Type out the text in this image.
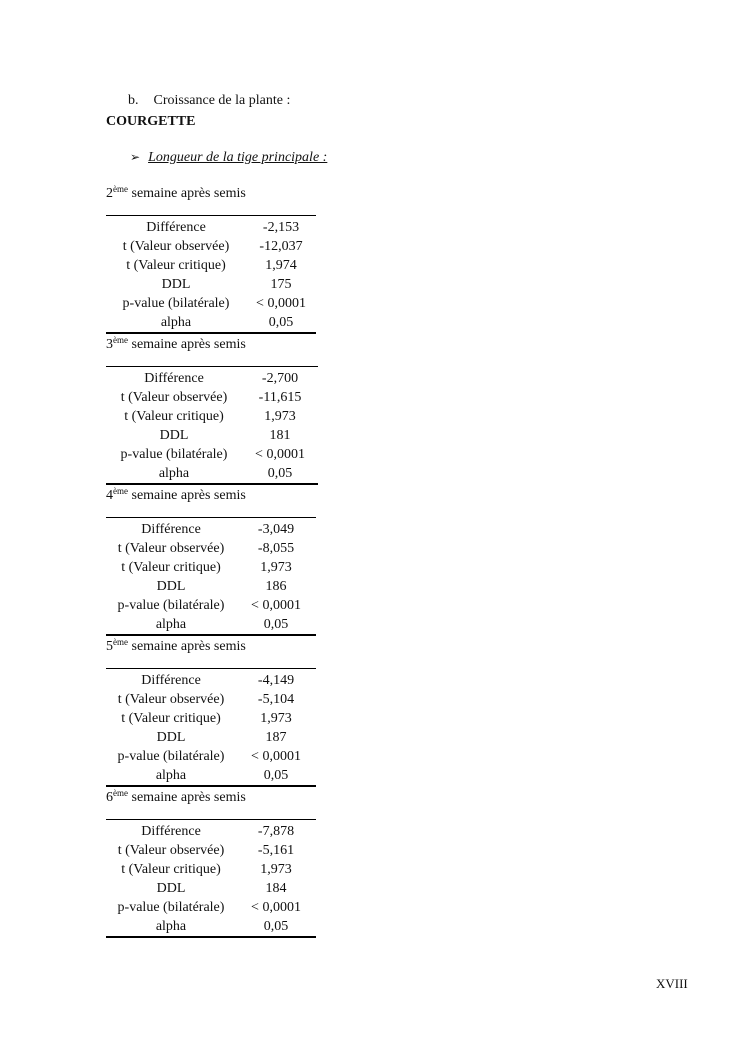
b. Croissance de la plante :
COURGETTE
➢ Longueur de la tige principale :
2ème semaine après semis
Différence	-2,153
t (Valeur observée)	-12,037
t (Valeur critique)	1,974
DDL	175
p-value (bilatérale)	< 0,0001
alpha	0,05
3ème semaine après semis
Différence	-2,700
t (Valeur observée)	-11,615
t (Valeur critique)	1,973
DDL	181
p-value (bilatérale)	< 0,0001
alpha	0,05
4ème semaine après semis
Différence	-3,049
t (Valeur observée)	-8,055
t (Valeur critique)	1,973
DDL	186
p-value (bilatérale)	< 0,0001
alpha	0,05
5ème semaine après semis
Différence	-4,149
t (Valeur observée)	-5,104
t (Valeur critique)	1,973
DDL	187
p-value (bilatérale)	< 0,0001
alpha	0,05
6ème semaine après semis
Différence	-7,878
t (Valeur observée)	-5,161
t (Valeur critique)	1,973
DDL	184
p-value (bilatérale)	< 0,0001
alpha	0,05
XVIII
